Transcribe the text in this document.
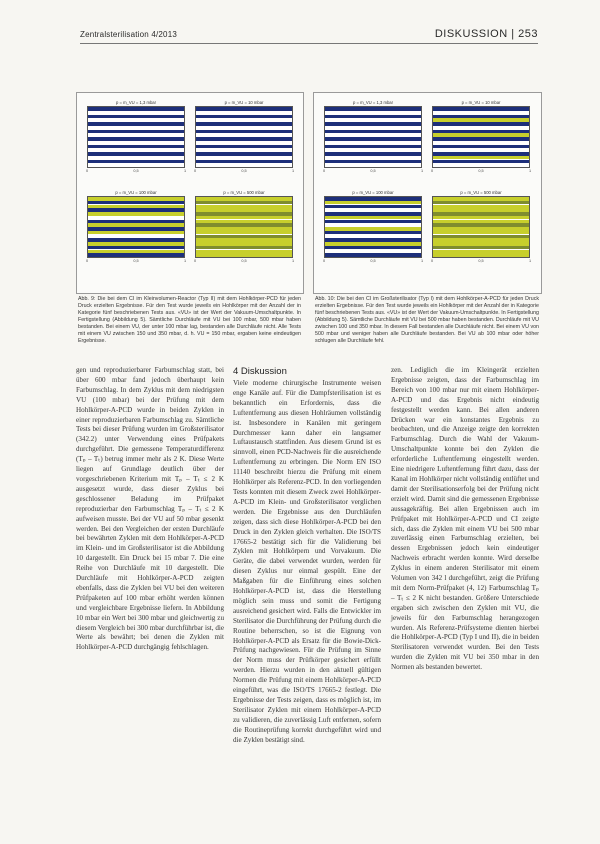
Zentralsterilisation 4/2013	DISKUSSION | 253
p = m_VU = 1,3 mbar
0	0,5	1
p = m_VU = 10 mbar
0	0,5	1
p = m_VU = 100 mbar
0	0,5	1
p = m_VU = 500 mbar
0	0,5	1
Abb. 9: Die bei dem CI im Kleinvolumen-Reactor (Typ II) mit dem Hohlkörper-PCD für jeden Druck erzielten Ergebnisse. Für den Test wurde jeweils ein Hohlkörper mit der Anzahl der in Kategorie fünf beschriebenen Tests aus. «VU» ist der Wert der Vakuum-Umschaltpunkte. In Fertigstellung (Abbildung 5). Sämtliche Durchläufe mit VU bei 100 mbar, 500 mbar haben bestanden. Bei einem VU, der unter 100 mbar lag, bestanden alle Durchläufe nicht. Alle Tests mit einem VU zwischen 150 und 350 mbar, d. h. VU = 150 mbar, ergaben keine eindeutigen Ergebnisse.
p = m_VU = 1,3 mbar
0	0,5	1
p = m_VU = 10 mbar
0	0,5	1
p = m_VU = 100 mbar
0	0,5	1
p = m_VU = 500 mbar
0	0,5	1
Abb. 10: Die bei den CI im Großsterilisator (Typ I) mit dem Hohlkörper-A-PCD für jeden Druck erzielten Ergebnisse. Für den Test wurde jeweils ein Hohlkörper mit der Anzahl der in Kategorie fünf beschriebenen Tests aus. «VU» ist der Wert der Vakuum-Umschaltpunkte. In Fertigstellung (Abbildung 5). Sämtliche Durchläufe mit VU bei 500 mbar haben bestanden. Durchläufe mit VU zwischen 100 und 350 mbar. In diesem Fall bestanden alle Durchläufe nicht. Bei einem VU von 500 mbar und weniger haben alle Durchläufe bestanden. Bei VU ab 100 mbar oder höher schlugen alle Durchläufe fehl.

gen und reproduzierbarer Farbumschlag statt, bei über 600 mbar fand jedoch überhaupt kein Farbumschlag. In dem Zyklus mit dem niedrigsten VU (100 mbar) bei der Prüfung mit dem Hohlkörper-A-PCD wurde in beiden Zyklen in einer reproduzierbaren Farbumschlag zu. Sämtliche Tests bei dieser Prüfung wurden im Großsterilisator (342.2) unter Verwendung eines Prüfpakets durchgeführt. Die gemessene Temperaturdifferenz (Tₚ – Tₜ) betrug immer mehr als 2 K. Diese Werte liegen auf Grundlage deutlich über der vorgeschriebenen Kriterium mit Tₚ – Tₜ ≤ 2 K ausgesetzt wurde, dass dieser Zyklus bei geschlossener Beladung im Prüfpaket reproduzierbar den Farbumschlag Tₚ – Tₜ ≤ 2 K aufweisen musste. Bei der VU auf 50 mbar gesenkt werden. Bei den Vergleichen der ersten Durchläufe bei bewährten Zyklen mit dem Hohlkörper-A-PCD im Klein- und im Großsterilisator ist die Abbildung 10 dargestellt. Ein Druck bei 15 mbar 7. Die eine Reihe von Durchläufe mit 10 dargestellt. Die Durchläufe mit Hohlkörper-A-PCD zeigten ebenfalls, dass die Zyklen bei VU bei den weiteren Prüfpaketen auf 100 mbar erhöht werden können und vergleichbare Ergebnisse liefern. In Abbildung 10 mbar ein Wert bei 300 mbar und gleichwertig zu diesem Vergleich bei 300 mbar durchführbar ist, die Werte als bewährt; bei denen die Zyklen mit Hohlkörper-A-PCD durchgängig fehlschlagen.

4 Diskussion

Viele moderne chirurgische Instrumente weisen enge Kanäle auf. Für die Dampfsterilisation ist es bekanntlich ein Erfordernis, dass die Luftentfernung aus diesen Hohlräumen vollständig ist. Insbesondere in Kanälen mit geringem Durchmesser kann daher ein langsamer Luftaustausch stattfinden. Aus diesem Grund ist es sinnvoll, einen PCD-Nachweis für die ausreichende Luftentfernung zu erbringen. Die Norm EN ISO 11140 beschreibt hierzu die Prüfung mit einem Hohlkörper als Referenz-PCD. In den vorliegenden Tests konnten mit diesem Zweck zwei Hohlkörper-A-PCD im Klein- und Großsterilisator verglichen werden. Die Ergebnisse aus den Durchläufen zeigen, dass sich diese Hohlkörper-A-PCD bei den Druck in den Zyklen gleich verhalten. Die ISO/TS 17665-2 bestätigt sich für die Validierung bei Zyklen mit Hohlkörpern und Vorvakuum. Die Geräte, die dabei verwendet wurden, werden für diesen Zyklus nur einmal gespült. Eine der Maßgaben für die Einführung eines solchen Hohlkörper-A-PCD ist, dass die Herstellung möglich sein muss und somit die Fertigung ausreichend gesichert wird. Falls die Entwickler im Sterilisator die Durchführung der Prüfung durch die Routine beherrschen, so ist die Eignung von Hohlkörper-A-PCD als Ersatz für die Bowie-Dick-Prüfung nachgewiesen. Für die Prüfung im Sinne der Norm muss der Prüfkörper gesichert erfüllt werden. Hierzu wurden in den aktuell gültigen Normen die Prüfung mit einem Hohlkörper-A-PCD eingeführt, was die ISO/TS 17665-2 festlegt. Die Ergebnisse der Tests zeigen, dass es möglich ist, im Sterilisator Zyklen mit einem Hohlkörper-A-PCD zu validieren, die zuverlässig Luft entfernen, sofern die Routineprüfung korrekt durchgeführt wird und die Zyklen bestätigt sind.

zen. Lediglich die im Kleingerät erzielten Ergebnisse zeigten, dass der Farbumschlag im Bereich von 100 mbar nur mit einem Hohlkörper-A-PCD und das Ergebnis nicht eindeutig festgestellt werden kann. Bei allen anderen Drücken war ein konstantes Ergebnis zu beobachten, und die Anzeige zeigte den korrekten Farbumschlag. Durch die Wahl der Vakuum-Umschaltpunkte konnte bei den Zyklen die erforderliche Luftentfernung eingestellt werden. Eine niedrigere Luftentfernung führt dazu, dass der Kanal im Hohlkörper nicht vollständig entlüftet und damit der Sterilisationserfolg bei der Prüfung nicht erzielt wird. Damit sind die gemessenen Ergebnisse aussagekräftig. Bei allen Ergebnissen auch im Prüfpaket mit Hohlkörper-A-PCD und CI zeigte sich, dass die Zyklen mit einem VU bei 500 mbar zuverlässig einen Farbumschlag erzielten, bei dessen Ergebnissen jedoch kein eindeutiger Nachweis erbracht werden konnte. Wird derselbe Zyklus in einem anderen Sterilisator mit einem Volumen von 342 l durchgeführt, zeigt die Prüfung mit dem Norm-Prüfpaket (4, 12) Farbumschlag Tₚ – Tₜ ≤ 2 K nicht bestanden. Größere Unterschiede ergaben sich zwischen den Zyklen mit VU, die jeweils für den Farbumschlag herangezogen wurden. Als Referenz-Prüfsysteme dienten hierbei die Hohlkörper-A-PCD (Typ I und II), die in beiden Sterilisatoren verwendet wurden. Bei den Tests wurden die Zyklen mit VU bei 350 mbar in den Normen als bestanden bewertet.
